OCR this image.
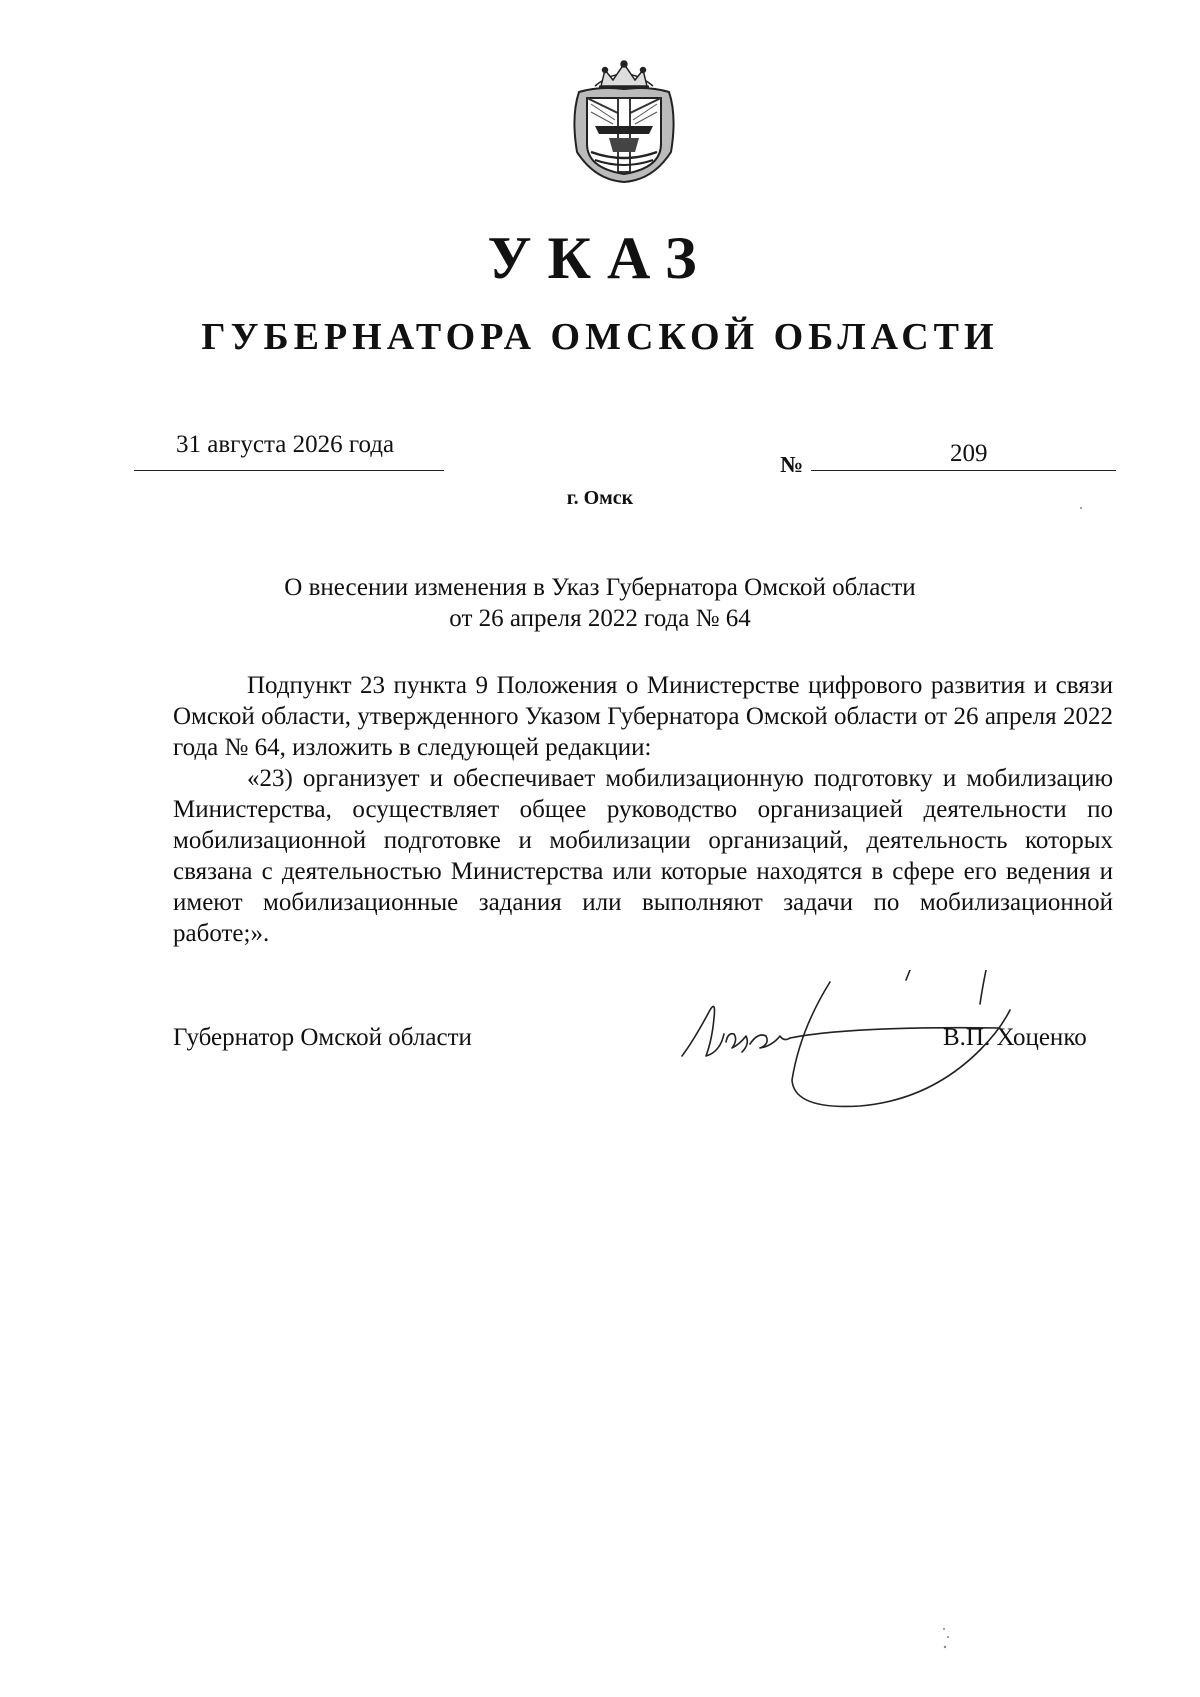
УКАЗ
ГУБЕРНАТОРА ОМСКОЙ ОБЛАСТИ
31 августа 2026 года
№	209
г. Омск
О внесении изменения в Указ Губернатора Омской области
от 26 апреля 2022 года № 64
Подпункт 23 пункта 9 Положения о Министерстве цифрового развития и связи Омской области, утвержденного Указом Губернатора Омской области от 26 апреля 2022 года № 64, изложить в следующей редакции:
«23) организует и обеспечивает мобилизационную подготовку и мобилизацию Министерства, осуществляет общее руководство организацией деятельности по мобилизационной подготовке и мобилизации организаций, деятельность которых связана с деятельностью Министерства или которые находятся в сфере его ведения и имеют мобилизационные задания или выполняют задачи по мобилизационной работе;».
Губернатор Омской области	В.П. Хоценко
